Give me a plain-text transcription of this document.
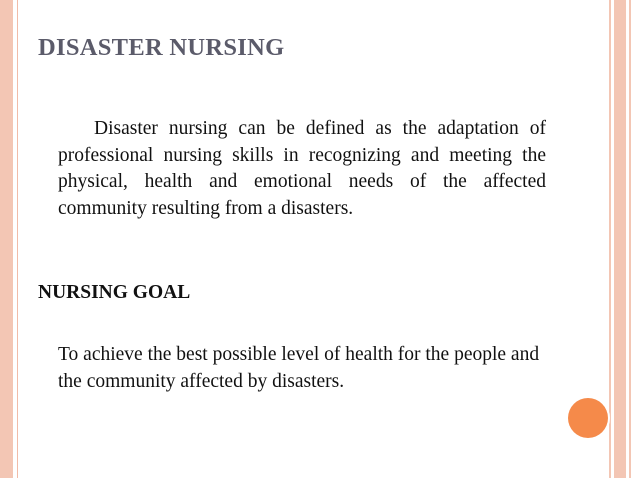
DISASTER NURSING

Disaster nursing can be defined as the adaptation of professional nursing skills in recognizing and meeting the physical, health and emotional needs of the affected community resulting from a disasters.

NURSING GOAL

To achieve the best possible level of health for the people and the community affected by disasters.
